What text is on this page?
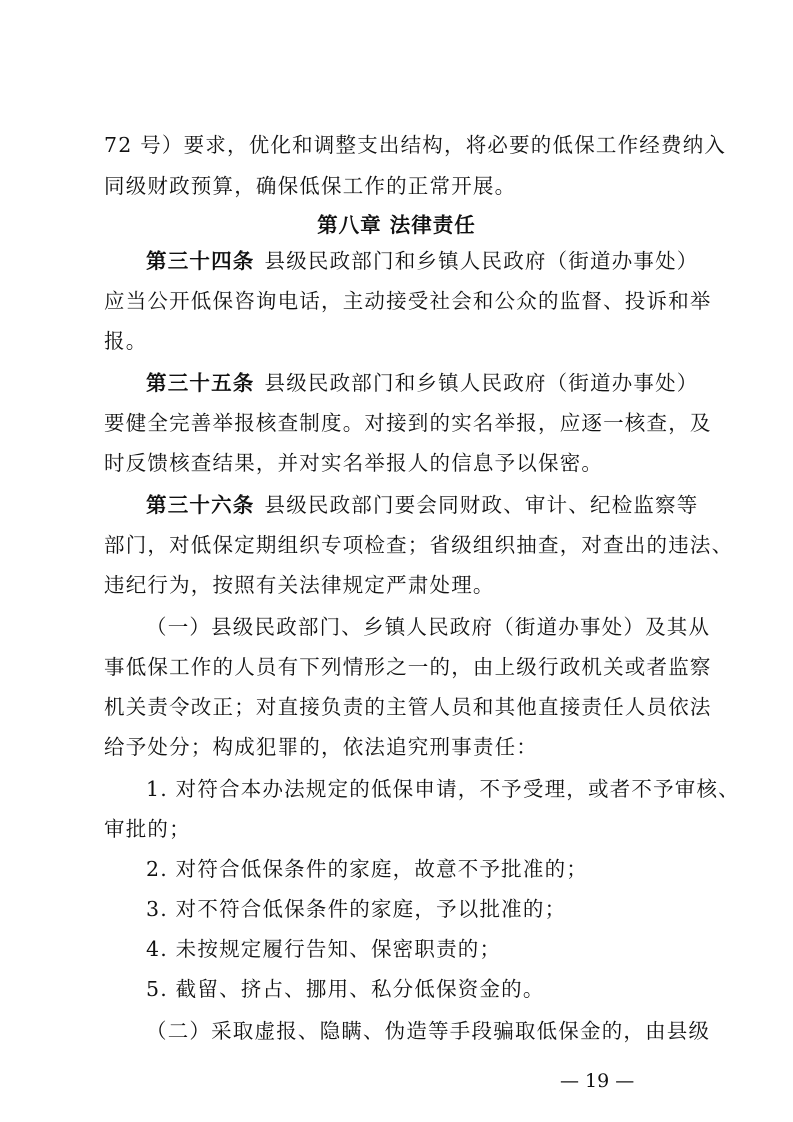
72 号）要求，优化和调整支出结构，将必要的低保工作经费纳入
同级财政预算，确保低保工作的正常开展。
第八章 法律责任
第三十四条 县级民政部门和乡镇人民政府（街道办事处）
应当公开低保咨询电话，主动接受社会和公众的监督、投诉和举
报。
第三十五条 县级民政部门和乡镇人民政府（街道办事处）
要健全完善举报核查制度。对接到的实名举报，应逐一核查，及
时反馈核查结果，并对实名举报人的信息予以保密。
第三十六条 县级民政部门要会同财政、审计、纪检监察等
部门，对低保定期组织专项检查；省级组织抽查，对查出的违法、
违纪行为，按照有关法律规定严肃处理。
（一）县级民政部门、乡镇人民政府（街道办事处）及其从
事低保工作的人员有下列情形之一的，由上级行政机关或者监察
机关责令改正；对直接负责的主管人员和其他直接责任人员依法
给予处分；构成犯罪的，依法追究刑事责任：
1. 对符合本办法规定的低保申请，不予受理，或者不予审核、
审批的；
2. 对符合低保条件的家庭，故意不予批准的；
3. 对不符合低保条件的家庭，予以批准的；
4. 未按规定履行告知、保密职责的；
5. 截留、挤占、挪用、私分低保资金的。
（二）采取虚报、隐瞒、伪造等手段骗取低保金的，由县级
— 19 —
